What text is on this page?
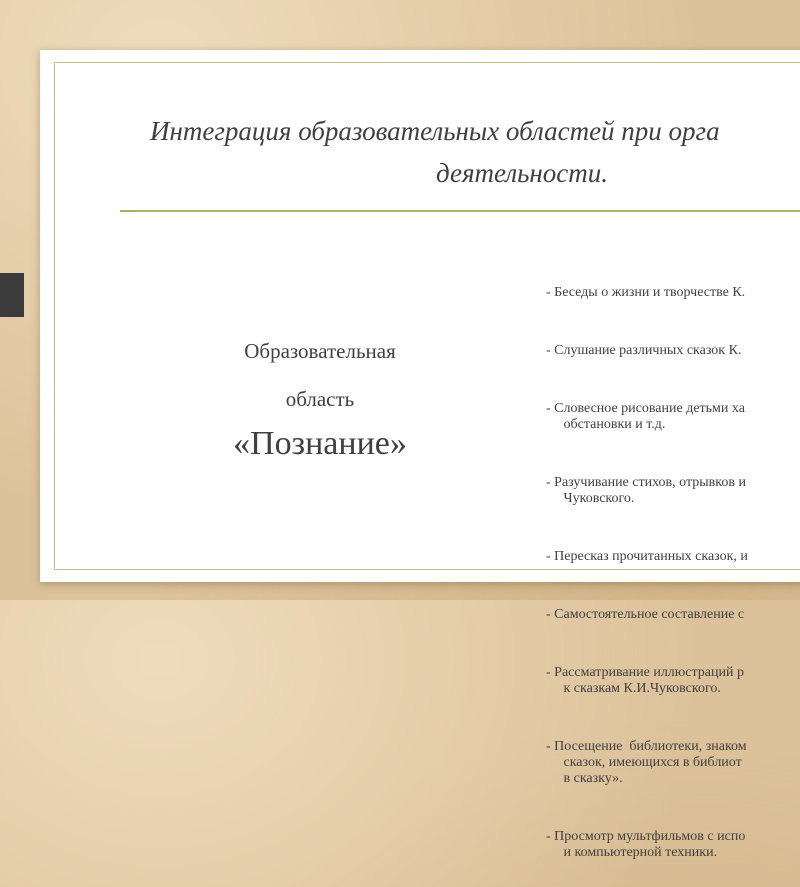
Интеграция образовательных областей при орга
деятельности.
Образовательная
область
«Познание»

- Беседы о жизни и творчестве К.

- Слушание различных сказок К.

- Словесное рисование детьми ха
обстановки и т.д.

- Разучивание стихов, отрывков и
Чуковского.

- Пересказ прочитанных сказок, и

- Самостоятельное составление с

- Рассматривание иллюстраций р
к сказкам К.И.Чуковского.

- Посещение  библиотеки, знаком
сказок, имеющихся в библиот
в сказку».

- Просмотр мультфильмов с испо
и компьютерной техники.
